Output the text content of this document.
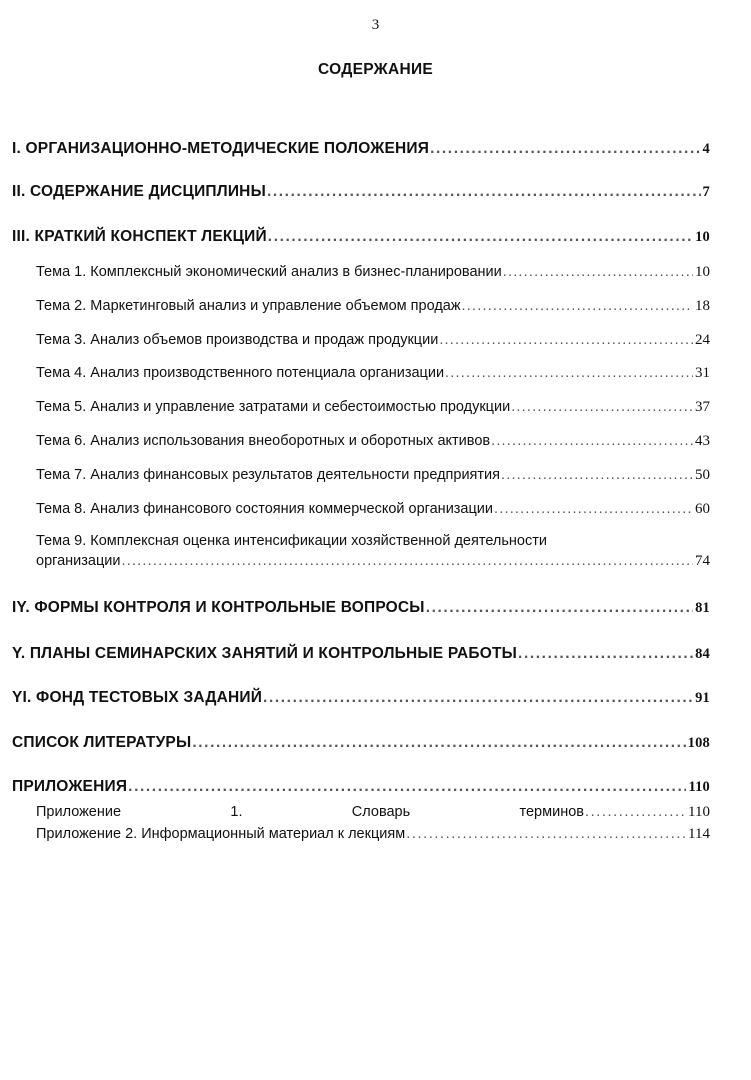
3
СОДЕРЖАНИЕ
I. ОРГАНИЗАЦИОННО-МЕТОДИЧЕСКИЕ ПОЛОЖЕНИЯ .....	4
II. СОДЕРЖАНИЕ ДИСЦИПЛИНЫ .....	7
III. КРАТКИЙ КОНСПЕКТ ЛЕКЦИЙ .....	10
Тема 1. Комплексный экономический анализ в бизнес-планировании .....	10
Тема 2. Маркетинговый анализ и управление объемом продаж .....	18
Тема 3. Анализ объемов производства и продаж продукции .....	24
Тема 4. Анализ производственного потенциала организации .....	31
Тема 5. Анализ и управление затратами и себестоимостью продукции .....	37
Тема 6. Анализ использования внеоборотных и оборотных активов .....	43
Тема 7. Анализ финансовых результатов деятельности предприятия .....	50
Тема 8. Анализ финансового состояния коммерческой организации .....	60
Тема 9. Комплексная оценка интенсификации хозяйственной деятельности
организации .....	74
IY. ФОРМЫ КОНТРОЛЯ И КОНТРОЛЬНЫЕ ВОПРОСЫ .....	81
Y. ПЛАНЫ СЕМИНАРСКИХ ЗАНЯТИЙ И КОНТРОЛЬНЫЕ РАБОТЫ .....	84
YI. ФОНД ТЕСТОВЫХ ЗАДАНИЙ .....	91
СПИСОК ЛИТЕРАТУРЫ .....	108
ПРИЛОЖЕНИЯ .....	110
Приложение	1.	Словарь	терминов .....	110
Приложение 2. Информационный материал к лекциям .....	114
